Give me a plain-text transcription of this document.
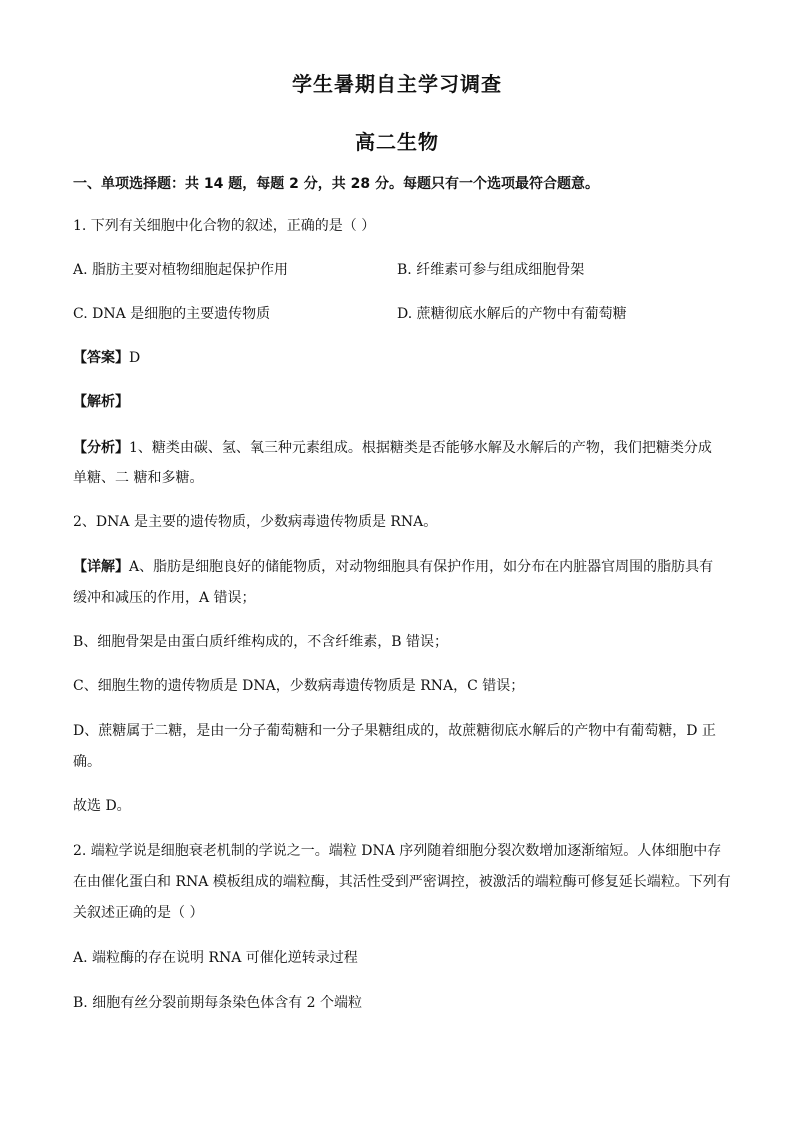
学生暑期自主学习调查
高二生物
一、单项选择题：共 14 题，每题 2 分，共 28 分。每题只有一个选项最符合题意。
1. 下列有关细胞中化合物的叙述，正确的是（ ）
A. 脂肪主要对植物细胞起保护作用	B. 纤维素可参与组成细胞骨架
C. DNA 是细胞的主要遗传物质	D. 蔗糖彻底水解后的产物中有葡萄糖
【答案】D
【解析】
【分析】1、糖类由碳、氢、氧三种元素组成。根据糖类是否能够水解及水解后的产物，我们把糖类分成
单糖、二 糖和多糖。
2、DNA 是主要的遗传物质，少数病毒遗传物质是 RNA。
【详解】A、脂肪是细胞良好的储能物质，对动物细胞具有保护作用，如分布在内脏器官周围的脂肪具有
缓冲和减压的作用，A 错误；
B、细胞骨架是由蛋白质纤维构成的，不含纤维素，B 错误；
C、细胞生物的遗传物质是 DNA，少数病毒遗传物质是 RNA，C 错误；
D、蔗糖属于二糖，是由一分子葡萄糖和一分子果糖组成的，故蔗糖彻底水解后的产物中有葡萄糖，D 正
确。
故选 D。
2. 端粒学说是细胞衰老机制的学说之一。端粒 DNA 序列随着细胞分裂次数增加逐渐缩短。人体细胞中存
在由催化蛋白和 RNA 模板组成的端粒酶，其活性受到严密调控，被激活的端粒酶可修复延长端粒。下列有
关叙述正确的是（ ）
A. 端粒酶的存在说明 RNA 可催化逆转录过程
B. 细胞有丝分裂前期每条染色体含有 2 个端粒
